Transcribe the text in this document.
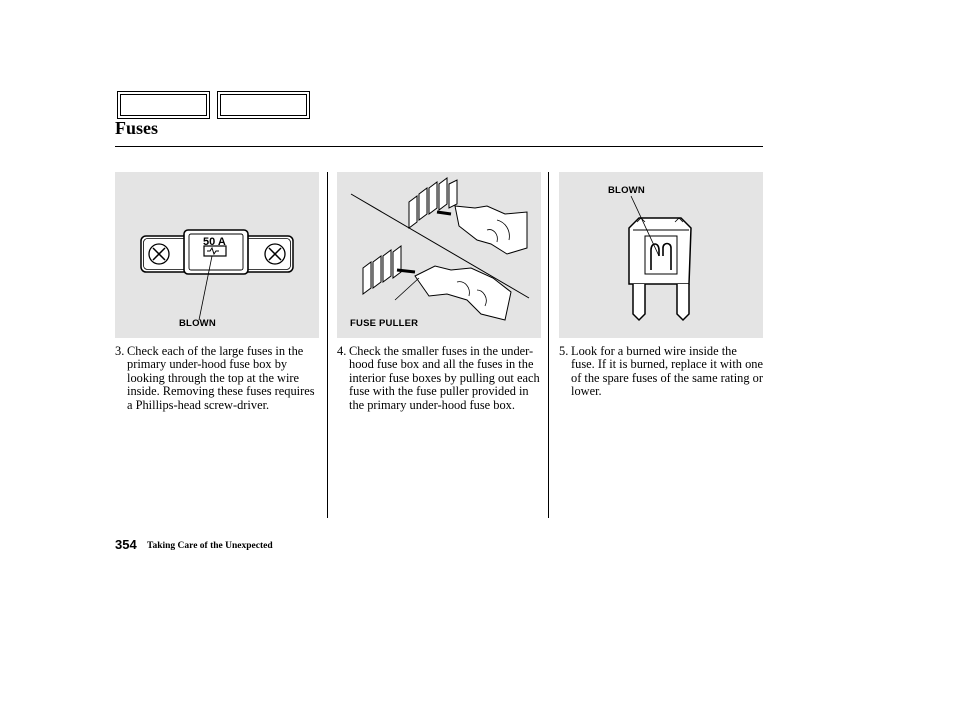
Fuses
50 A
BLOWN	FUSE PULLER
BLOWN
3. Check each of the large fuses in the primary under-hood fuse box by looking through the top at the wire inside. Removing these fuses requires a Phillips-head screw-driver.
4. Check the smaller fuses in the under-hood fuse box and all the fuses in the interior fuse boxes by pulling out each fuse with the fuse puller provided in the primary under-hood fuse box.
5. Look for a burned wire inside the fuse. If it is burned, replace it with one of the spare fuses of the same rating or lower.
354 Taking Care of the Unexpected
